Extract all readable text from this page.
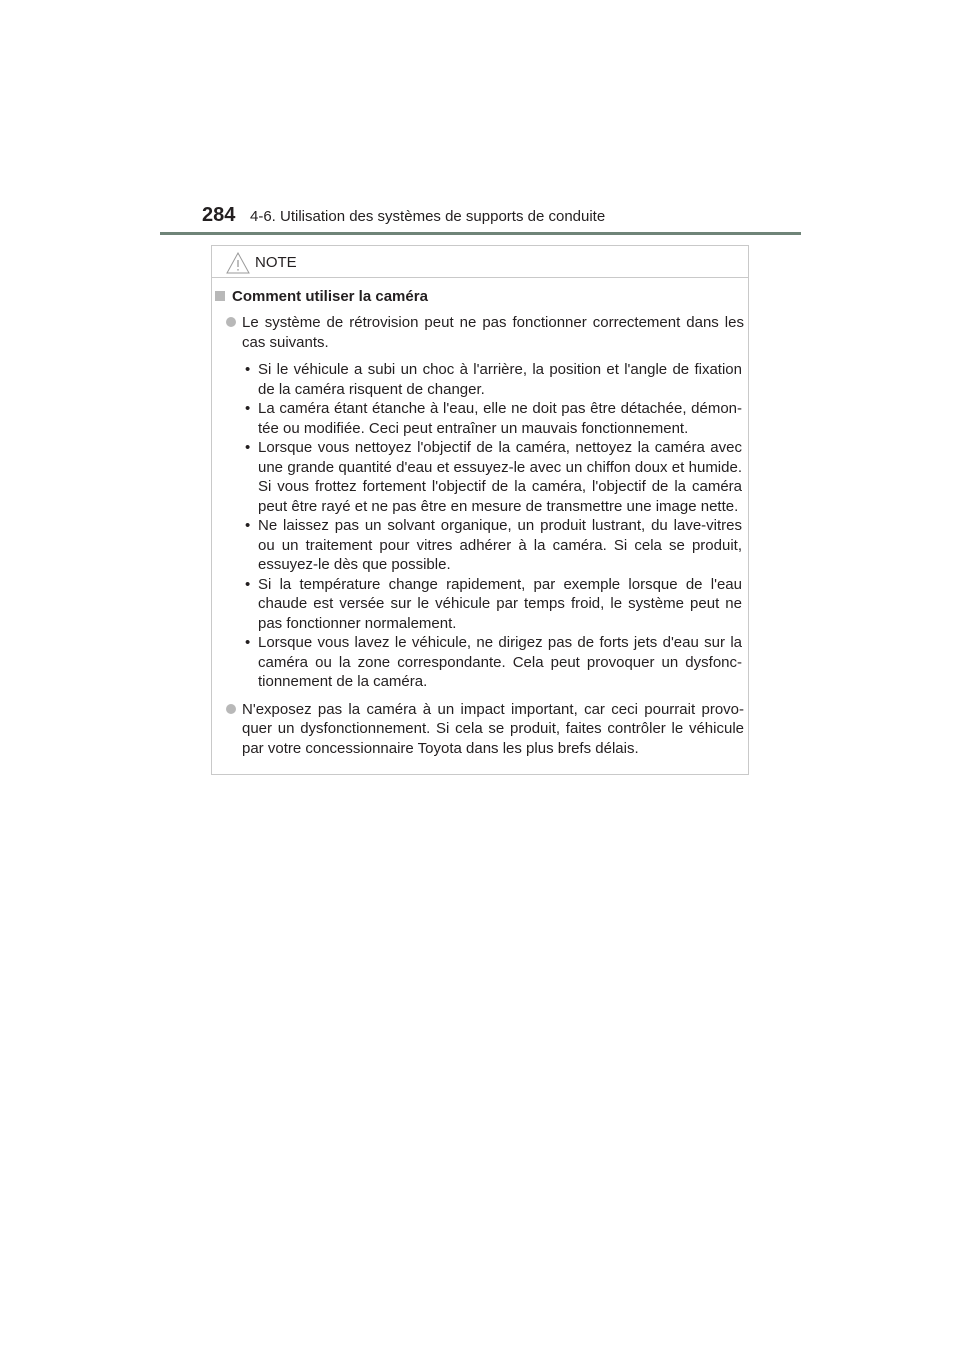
284 4-6. Utilisation des systèmes de supports de conduite
NOTE
Comment utiliser la caméra
Le système de rétrovision peut ne pas fonctionner correctement dans les cas suivants.
• Si le véhicule a subi un choc à l'arrière, la position et l'angle de fixation de la caméra risquent de changer.
• La caméra étant étanche à l'eau, elle ne doit pas être détachée, démon-tée ou modifiée. Ceci peut entraîner un mauvais fonctionnement.
• Lorsque vous nettoyez l'objectif de la caméra, nettoyez la caméra avec une grande quantité d'eau et essuyez-le avec un chiffon doux et humide. Si vous frottez fortement l'objectif de la caméra, l'objectif de la caméra peut être rayé et ne pas être en mesure de transmettre une image nette.
• Ne laissez pas un solvant organique, un produit lustrant, du lave-vitres ou un traitement pour vitres adhérer à la caméra. Si cela se produit, essuyez-le dès que possible.
• Si la température change rapidement, par exemple lorsque de l'eau chaude est versée sur le véhicule par temps froid, le système peut ne pas fonctionner normalement.
• Lorsque vous lavez le véhicule, ne dirigez pas de forts jets d'eau sur la caméra ou la zone correspondante. Cela peut provoquer un dysfonc-tionnement de la caméra.
N'exposez pas la caméra à un impact important, car ceci pourrait provo-quer un dysfonctionnement. Si cela se produit, faites contrôler le véhicule par votre concessionnaire Toyota dans les plus brefs délais.
